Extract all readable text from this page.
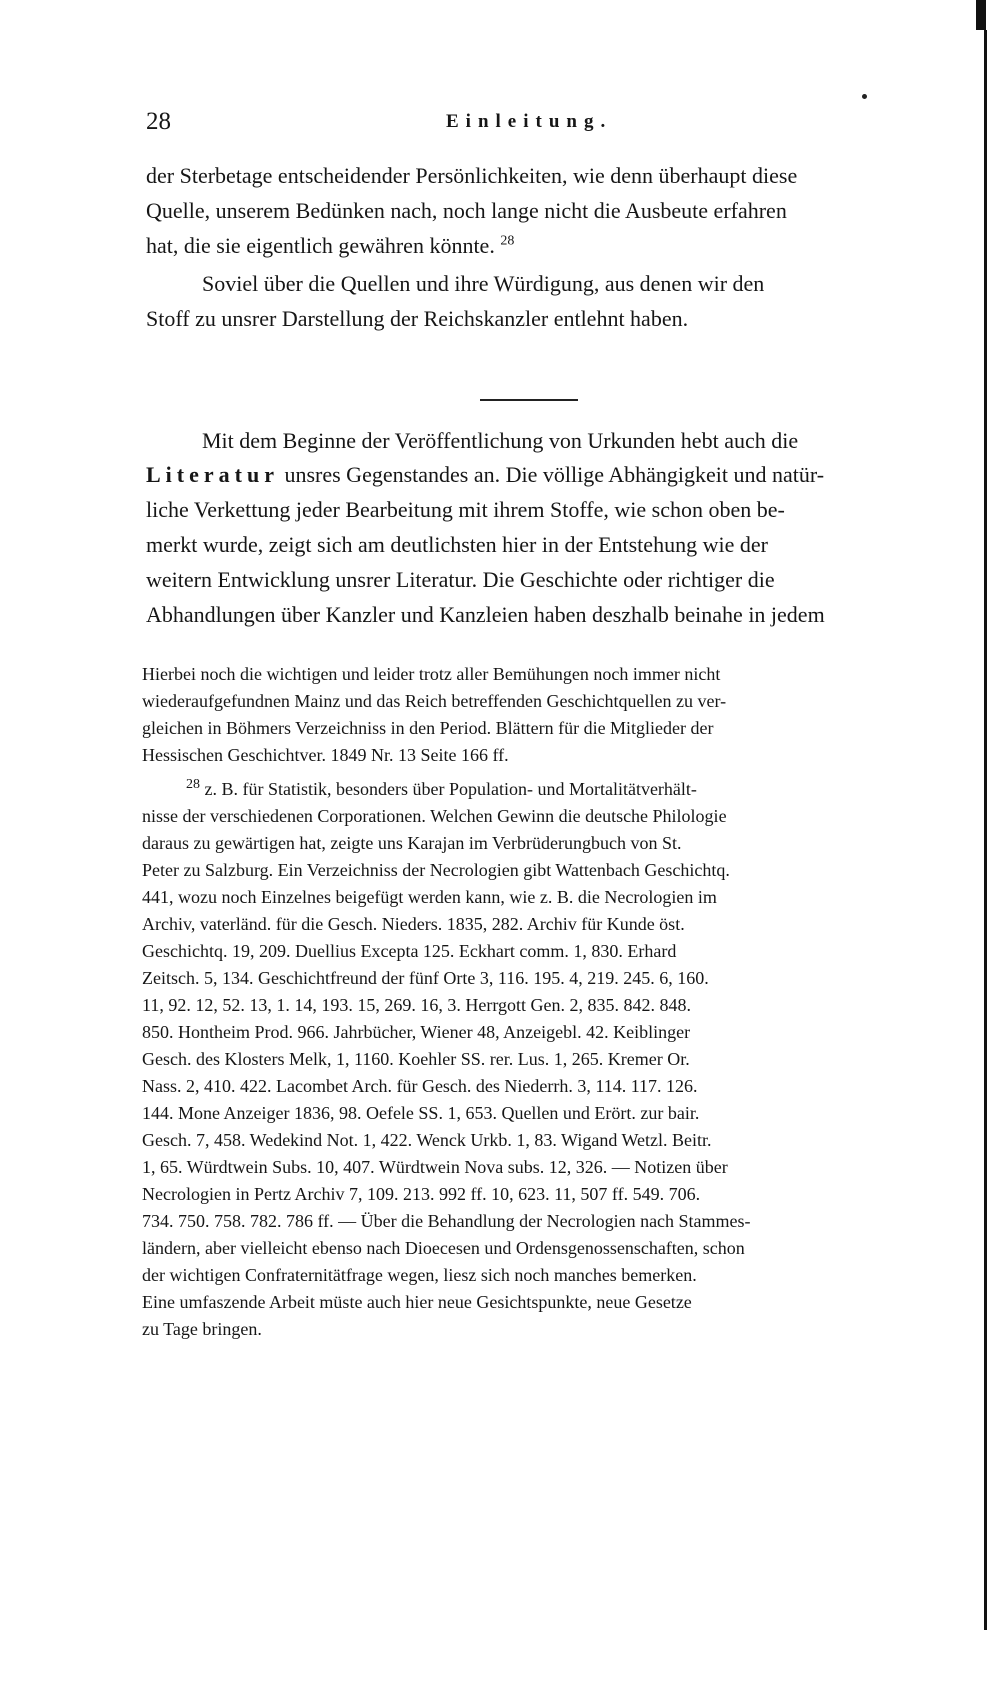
28	Einleitung.
der Sterbetage entscheidender Persönlichkeiten, wie denn überhaupt diese
Quelle, unserem Bedünken nach, noch lange nicht die Ausbeute erfahren
hat, die sie eigentlich gewähren könnte. $^{28}$
Soviel über die Quellen und ihre Würdigung, aus denen wir den
Stoff zu unsrer Darstellung der Reichskanzler entlehnt haben.
Mit dem Beginne der Veröffentlichung von Urkunden hebt auch die
Literatur unsres Gegenstandes an. Die völlige Abhängigkeit und natür-
liche Verkettung jeder Bearbeitung mit ihrem Stoffe, wie schon oben be-
merkt wurde, zeigt sich am deutlichsten hier in der Entstehung wie der
weitern Entwicklung unsrer Literatur. Die Geschichte oder richtiger die
Abhandlungen über Kanzler und Kanzleien haben deszhalb beinahe in jedem
Hierbei noch die wichtigen und leider trotz aller Bemühungen noch immer nicht
wiederaufgefundnen Mainz und das Reich betreffenden Geschichtquellen zu ver-
gleichen in Böhmers Verzeichniss in den Period. Blättern für die Mitglieder der
Hessischen Geschichtver. 1849 Nr. 13 Seite 166 ff.
$^{28}$ z. B. für Statistik, besonders über Population- und Mortalitätverhält-
nisse der verschiedenen Corporationen. Welchen Gewinn die deutsche Philologie
daraus zu gewärtigen hat, zeigte uns Karajan im Verbrüderungbuch von St.
Peter zu Salzburg. Ein Verzeichniss der Necrologien gibt Wattenbach Geschichtq.
441, wozu noch Einzelnes beigefügt werden kann, wie z. B. die Necrologien im
Archiv, vaterländ. für die Gesch. Nieders. 1835, 282. Archiv für Kunde öst.
Geschichtq. 19, 209. Duellius Excepta 125. Eckhart comm. 1, 830. Erhard
Zeitsch. 5, 134. Geschichtfreund der fünf Orte 3, 116. 195. 4, 219. 245. 6, 160.
11, 92. 12, 52. 13, 1. 14, 193. 15, 269. 16, 3. Herrgott Gen. 2, 835. 842. 848.
850. Hontheim Prod. 966. Jahrbücher, Wiener 48, Anzeigebl. 42. Keiblinger
Gesch. des Klosters Melk, 1, 1160. Koehler SS. rer. Lus. 1, 265. Kremer Or.
Nass. 2, 410. 422. Lacombet Arch. für Gesch. des Niederrh. 3, 114. 117. 126.
144. Mone Anzeiger 1836, 98. Oefele SS. 1, 653. Quellen und Erört. zur bair.
Gesch. 7, 458. Wedekind Not. 1, 422. Wenck Urkb. 1, 83. Wigand Wetzl. Beitr.
1, 65. Würdtwein Subs. 10, 407. Würdtwein Nova subs. 12, 326. — Notizen über
Necrologien in Pertz Archiv 7, 109. 213. 992 ff. 10, 623. 11, 507 ff. 549. 706.
734. 750. 758. 782. 786 ff. — Über die Behandlung der Necrologien nach Stammes-
ländern, aber vielleicht ebenso nach Dioecesen und Ordensgenossenschaften, schon
der wichtigen Confraternitätfrage wegen, liesz sich noch manches bemerken.
Eine umfaszende Arbeit müste auch hier neue Gesichtspunkte, neue Gesetze
zu Tage bringen.
